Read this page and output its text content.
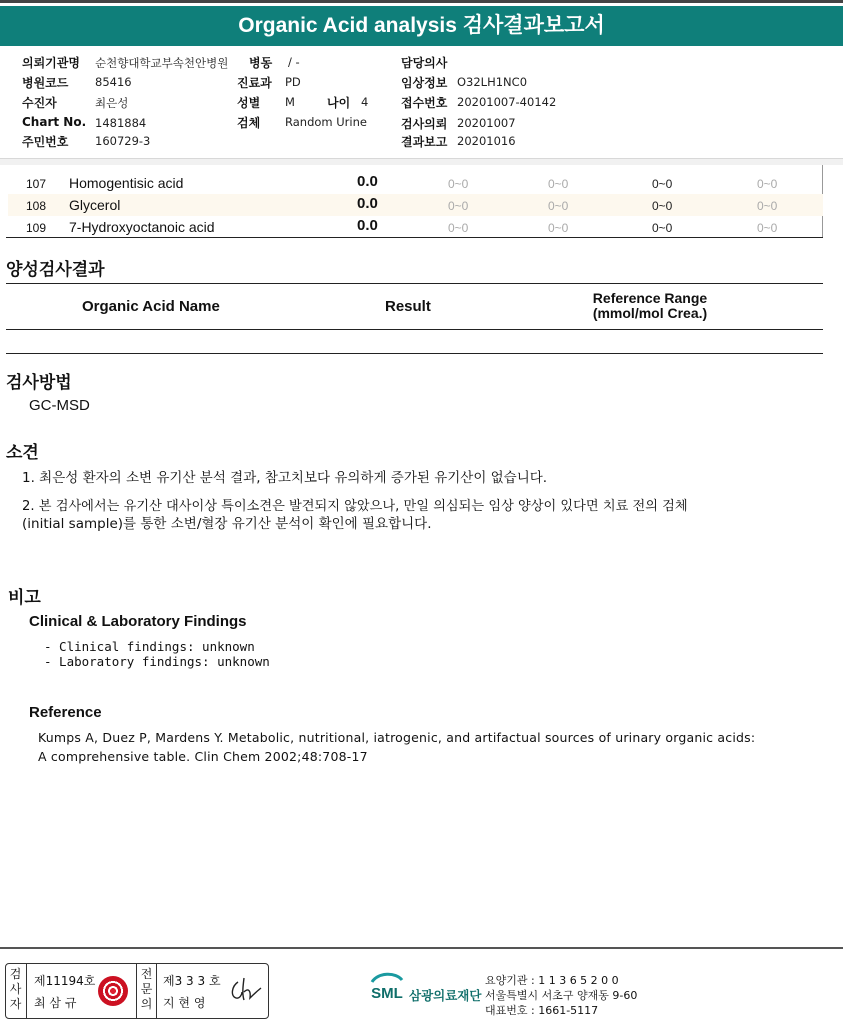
Organic Acid analysis 검사결과보고서
의뢰기관명 순천향대학교부속천안병원 병동 / -	담당의사
병원코드 85416	진료과 PD	임상정보 O32LH1NC0
수진자	최은성	성별 M	나이 4	접수번호 20201007-40142
Chart No. 1481884	검체 Random Urine	검사의뢰 20201007
주민번호 160729-3	결과보고 20201016
107 Homogentisic acid	0.0	0~0	0~0	0~0	0~0
108 Glycerol	0.0	0~0	0~0	0~0	0~0
109 7-Hydroxyoctanoic acid	0.0	0~0	0~0	0~0	0~0
양성검사결과
Organic Acid Name	Result	Reference Range
(mmol/mol Crea.)
검사방법
GC-MSD
소견
1. 최은성 환자의 소변 유기산 분석 결과, 참고치보다 유의하게 증가된 유기산이 없습니다.
2. 본 검사에서는 유기산 대사이상 특이소견은 발견되지 않았으나, 만일 의심되는 임상 양상이 있다면 치료 전의 검체
(initial sample)를 통한 소변/혈장 유기산 분석이 확인에 필요합니다.
비고
Clinical & Laboratory Findings
- Clinical findings: unknown
- Laboratory findings: unknown
Reference
Kumps A, Duez P, Mardens Y. Metabolic, nutritional, iatrogenic, and artifactual sources of urinary organic acids:
A comprehensive table. Clin Chem 2002;48:708-17
검
사
자
제11194호
최 삼 규
전
문
의
제3 3 3 호
지 현 영
SML 삼광의료재단
요양기관 : 1 1 3 6 5 2 0 0
서울특별시 서초구 양재동 9-60
대표번호 : 1661-5117
